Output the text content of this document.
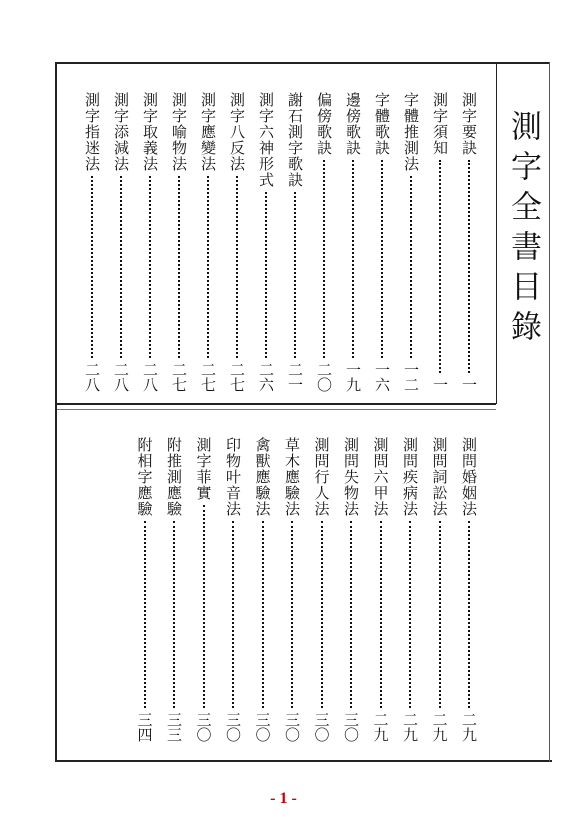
測字全書目錄
測字要訣
一
測字須知
一
字體推測法
一二
字體歌訣
一六
邊傍歌訣
一九
偏傍歌訣
二〇
謝石測字歌訣
二一
測字六神形式
二六
測字八反法
二七
測字應變法
二七
測字喻物法
二七
測字取義法
二八
測字添減法
二八
測字指迷法
二八
測問婚姻法
二九
測問詞訟法
二九
測問疾病法
二九
測問六甲法
二九
測問失物法
三〇
測問行人法
三〇
草木應驗法
三〇
禽獸應驗法
三〇
印物叶音法
三〇
測字菲實
三〇
附推測應驗
三三
附相字應驗
三四
- 1 -
